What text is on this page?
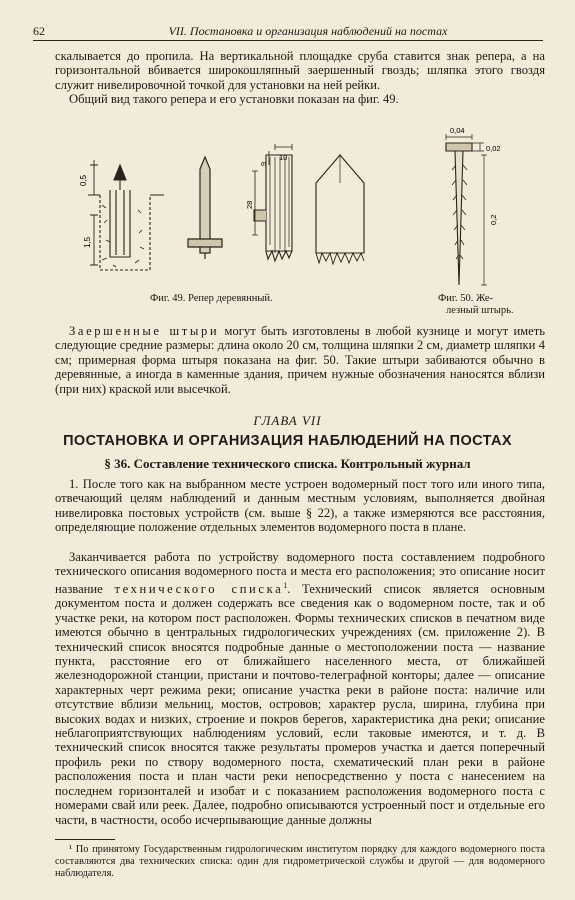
62	VII. Постановка и организация наблюдений на постах
скалывается до пропила. На вертикальной площадке сруба ставится знак репера, а на горизонтальной вбивается широкошляпный заершенный гвоздь; шляпка этого гвоздя служит нивелировочной точкой для установки на ней рейки.
Общий вид такого репера и его установки показан на фиг. 49.
0,5
1,5
10
9
28
0,04
0,02
0,2
Фиг. 49. Репер деревянный.	Фиг. 50. Же-
лезный штырь.
Заершенные штыри могут быть изготовлены в любой кузнице и могут иметь следующие средние размеры: длина около 20 см, толщина шляпки 2 см, диаметр шляпки 4 см; примерная форма штыря показана на фиг. 50. Такие штыри забиваются обычно в деревянные, а иногда в каменные здания, причем нужные обозначения наносятся вблизи (при них) краской или высечкой.
ГЛАВА VII
ПОСТАНОВКА И ОРГАНИЗАЦИЯ НАБЛЮДЕНИЙ НА ПОСТАХ
§ 36. Составление технического списка. Контрольный журнал
1. После того как на выбранном месте устроен водомерный пост того или иного типа, отвечающий целям наблюдений и данным местным условиям, выполняется двойная нивелировка постовых устройств (см. выше § 22), а также измеряются все расстояния, определяющие положение отдельных элементов водомерного поста в плане.
Заканчивается работа по устройству водомерного поста составлением подробного технического описания водомерного поста и места его расположения; это описание носит название технического списка$^1$. Технический список является основным документом поста и должен содержать все сведения как о водомерном посте, так и об участке реки, на котором пост расположен. Формы технических списков в печатном виде имеются обычно в центральных гидрологических учреждениях (см. приложение 2). В технический список вносятся подробные данные о местоположении поста — название пункта, расстояние его от ближайшего населенного места, от ближайшей железнодорожной станции, пристани и почтово-телеграфной конторы; далее — описание характерных черт режима реки; описание участка реки в районе поста: наличие или отсутствие вблизи мельниц, мостов, островов; характер русла, ширина, глубина при высоких водах и низких, строение и покров берегов, характеристика дна реки; описание неблагоприятствующих наблюдениям условий, если таковые имеются, и т. д. В технический список вносятся также результаты промеров участка и дается поперечный профиль реки по створу водомерного поста, схематический план реки в районе расположения поста и план части реки непосредственно у поста с нанесением на последнем горизонталей и изобат и с показанием расположения водомерного поста с номерами свай или реек. Далее, подробно описываются устроенный пост и отдельные его части, в частности, особо исчерпывающие данные должны
¹ По принятому Государственным гидрологическим институтом порядку для каждого водомерного поста составляются два технических списка: один для гидрометрической службы и другой — для водомерного наблюдателя.
